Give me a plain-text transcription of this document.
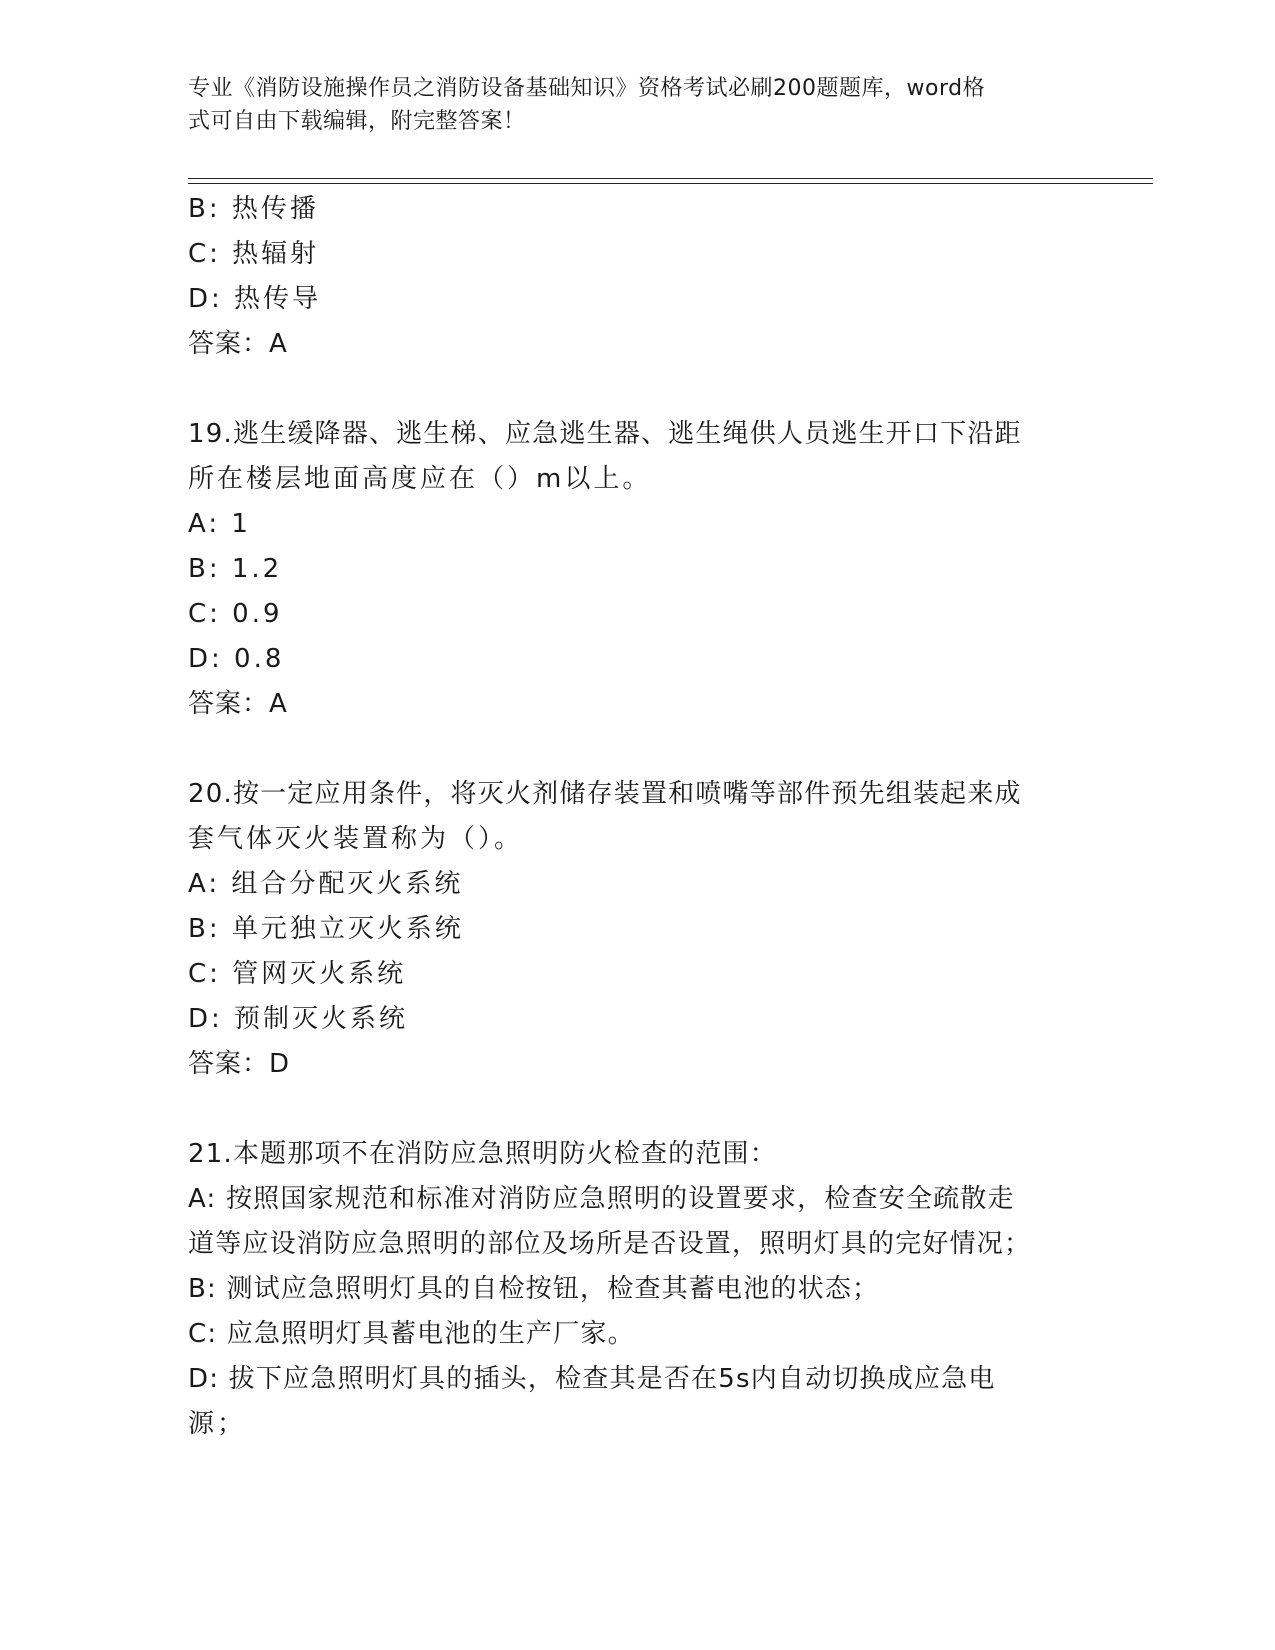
专业《消防设施操作员之消防设备基础知识》资格考试必刷200题题库，word格
式可自由下载编辑，附完整答案！
B: 热传播
C: 热辐射
D: 热传导
答案：A
19.逃生缓降器、逃生梯、应急逃生器、逃生绳供人员逃生开口下沿距
所在楼层地面高度应在（）m以上。
A: 1
B: 1.2
C: 0.9
D: 0.8
答案：A
20.按一定应用条件，将灭火剂储存装置和喷嘴等部件预先组装起来成
套气体灭火装置称为（）。
A: 组合分配灭火系统
B: 单元独立灭火系统
C: 管网灭火系统
D: 预制灭火系统
答案：D
21.本题那项不在消防应急照明防火检查的范围：
A: 按照国家规范和标准对消防应急照明的设置要求，检查安全疏散走
道等应设消防应急照明的部位及场所是否设置，照明灯具的完好情况；
B: 测试应急照明灯具的自检按钮，检查其蓄电池的状态；
C: 应急照明灯具蓄电池的生产厂家。
D: 拔下应急照明灯具的插头，检查其是否在5s内自动切换成应急电
源；
